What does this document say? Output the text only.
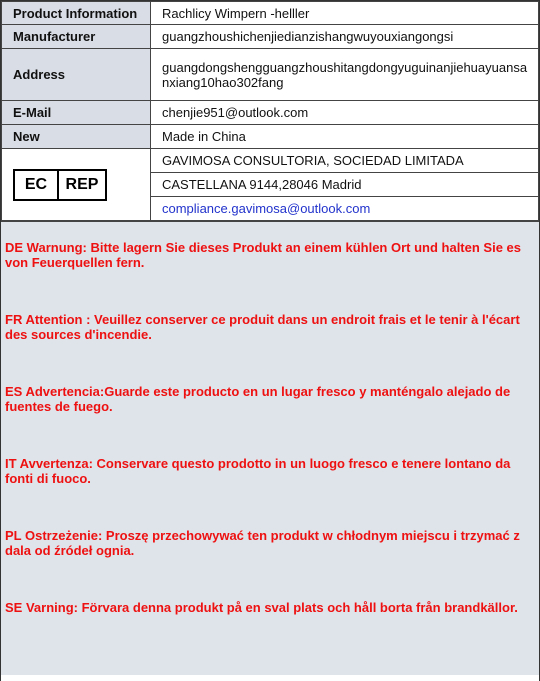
Product Information	Rachlicy Wimpern -helller
Manufacturer	guangzhoushichenjiedianzishangwuyouxiangongsi
Address	guangdongshengguangzhoushitangdongyuguinanjiehuayuansanxiang10hao302fang
E-Mail	chenjie951@outlook.com
New	Made in China

EC REP	GAVIMOSA CONSULTORIA, SOCIEDAD LIMITADA
	CASTELLANA 9144,28046 Madrid
	compliance.gavimosa@outlook.com

DE Warnung: Bitte lagern Sie dieses Produkt an einem kühlen Ort und halten Sie es von Feuerquellen fern.

FR Attention : Veuillez conserver ce produit dans un endroit frais et le tenir à l'écart des sources d'incendie.

ES Advertencia:Guarde este producto en un lugar fresco y manténgalo alejado de fuentes de fuego.

IT Avvertenza: Conservare questo prodotto in un luogo fresco e tenere lontano da fonti di fuoco.

PL Ostrzeżenie: Proszę przechowywać ten produkt w chłodnym miejscu i trzymać z dala od źródeł ognia.

SE Varning: Förvara denna produkt på en sval plats och håll borta från brandkällor.
